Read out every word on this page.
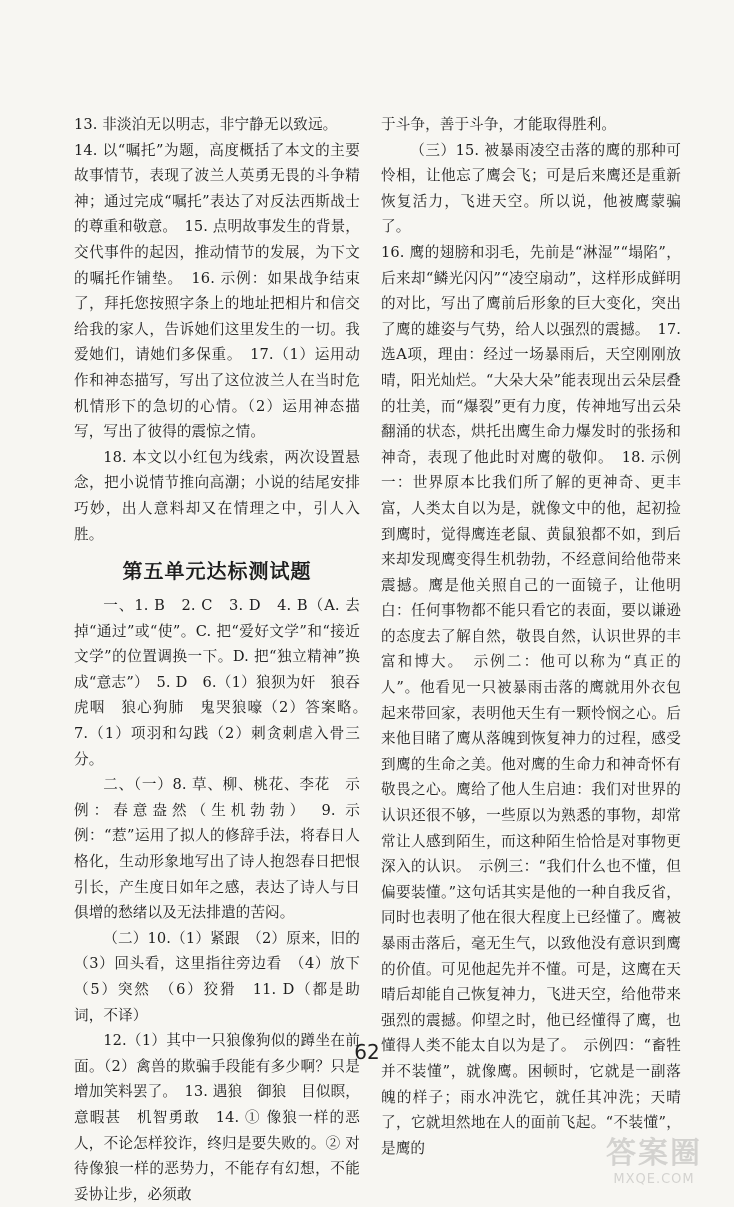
13. 非淡泊无以明志，非宁静无以致远。

14. 以“嘱托”为题，高度概括了本文的主要故事情节，表现了波兰人英勇无畏的斗争精神；通过完成“嘱托”表达了对反法西斯战士的尊重和敬意。　15. 点明故事发生的背景，交代事件的起因，推动情节的发展，为下文的嘱托作铺垫。　16. 示例：如果战争结束了，拜托您按照字条上的地址把相片和信交给我的家人，告诉她们这里发生的一切。我爱她们，请她们多保重。　17.（1）运用动作和神态描写，写出了这位波兰人在当时危机情形下的急切的心情。（2）运用神态描写，写出了彼得的震惊之情。

18. 本文以小红包为线索，两次设置悬念，把小说情节推向高潮；小说的结尾安排巧妙，出人意料却又在情理之中，引人入胜。

第五单元达标测试题

一、1. B　2. C　3. D　4. B（A. 去掉“通过”或“使”。C. 把“爱好文学”和“接近文学”的位置调换一下。D. 把“独立精神”换成“意志”）　5. D　6.（1）狼狈为奸　狼吞虎咽　狼心狗肺　鬼哭狼嚎（2）答案略。　7.（1）项羽和勾践（2）刺贪刺虐入骨三分。

二、（一）8. 草、柳、桃花、李花　示例：春意盎然（生机勃勃）　9. 示例：“惹”运用了拟人的修辞手法，将春日人格化，生动形象地写出了诗人抱怨春日把恨引长，产生度日如年之感，表达了诗人与日俱增的愁绪以及无法排遣的苦闷。

（二）10.（1）紧跟　（2）原来，旧的　（3）回头看，这里指往旁边看　（4）放下　（5）突然　（6）狡猾　11. D（都是助词，不译）

12.（1）其中一只狼像狗似的蹲坐在前面。（2）禽兽的欺骗手段能有多少啊？只是增加笑料罢了。　13. 遇狼　御狼　目似瞑，意暇甚　机智勇敢　14. ① 像狼一样的恶人，不论怎样狡诈，终归是要失败的。② 对待像狼一样的恶势力，不能存有幻想，不能妥协让步，必须敢

于斗争，善于斗争，才能取得胜利。

（三）15. 被暴雨凌空击落的鹰的那种可怜相，让他忘了鹰会飞；可是后来鹰还是重新恢复活力，飞进天空。所以说，他被鹰蒙骗了。

16. 鹰的翅膀和羽毛，先前是“淋湿”“塌陷”，后来却“鳞光闪闪”“凌空扇动”，这样形成鲜明的对比，写出了鹰前后形象的巨大变化，突出了鹰的雄姿与气势，给人以强烈的震撼。　17. 选A项，理由：经过一场暴雨后，天空刚刚放晴，阳光灿烂。“大朵大朵”能表现出云朵层叠的壮美，而“爆裂”更有力度，传神地写出云朵翻涌的状态，烘托出鹰生命力爆发时的张扬和神奇，表现了他此时对鹰的敬仰。　18. 示例一：世界原本比我们所了解的更神奇、更丰富，人类太自以为是，就像文中的他，起初捡到鹰时，觉得鹰连老鼠、黄鼠狼都不如，到后来却发现鹰变得生机勃勃，不经意间给他带来震撼。鹰是他关照自己的一面镜子，让他明白：任何事物都不能只看它的表面，要以谦逊的态度去了解自然，敬畏自然，认识世界的丰富和博大。　示例二：他可以称为“真正的人”。他看见一只被暴雨击落的鹰就用外衣包起来带回家，表明他天生有一颗怜悯之心。后来他目睹了鹰从落魄到恢复神力的过程，感受到鹰的生命之美。他对鹰的生命力和神奇怀有敬畏之心。鹰给了他人生启迪：我们对世界的认识还很不够，一些原以为熟悉的事物，却常常让人感到陌生，而这种陌生恰恰是对事物更深入的认识。　示例三：“我们什么也不懂，但偏要装懂。”这句话其实是他的一种自我反省，同时也表明了他在很大程度上已经懂了。鹰被暴雨击落后，毫无生气，以致他没有意识到鹰的价值。可见他起先并不懂。可是，这鹰在天晴后却能自己恢复神力，飞进天空，给他带来强烈的震撼。仰望之时，他已经懂得了鹰，也懂得人类不能太自以为是了。　示例四：“畜牲并不装懂”，就像鹰。困顿时，它就是一副落魄的样子；雨水冲洗它，就任其冲洗；天晴了，它就坦然地在人的面前飞起。“不装懂”，是鹰的

62
答案圈
MXQE.COM
